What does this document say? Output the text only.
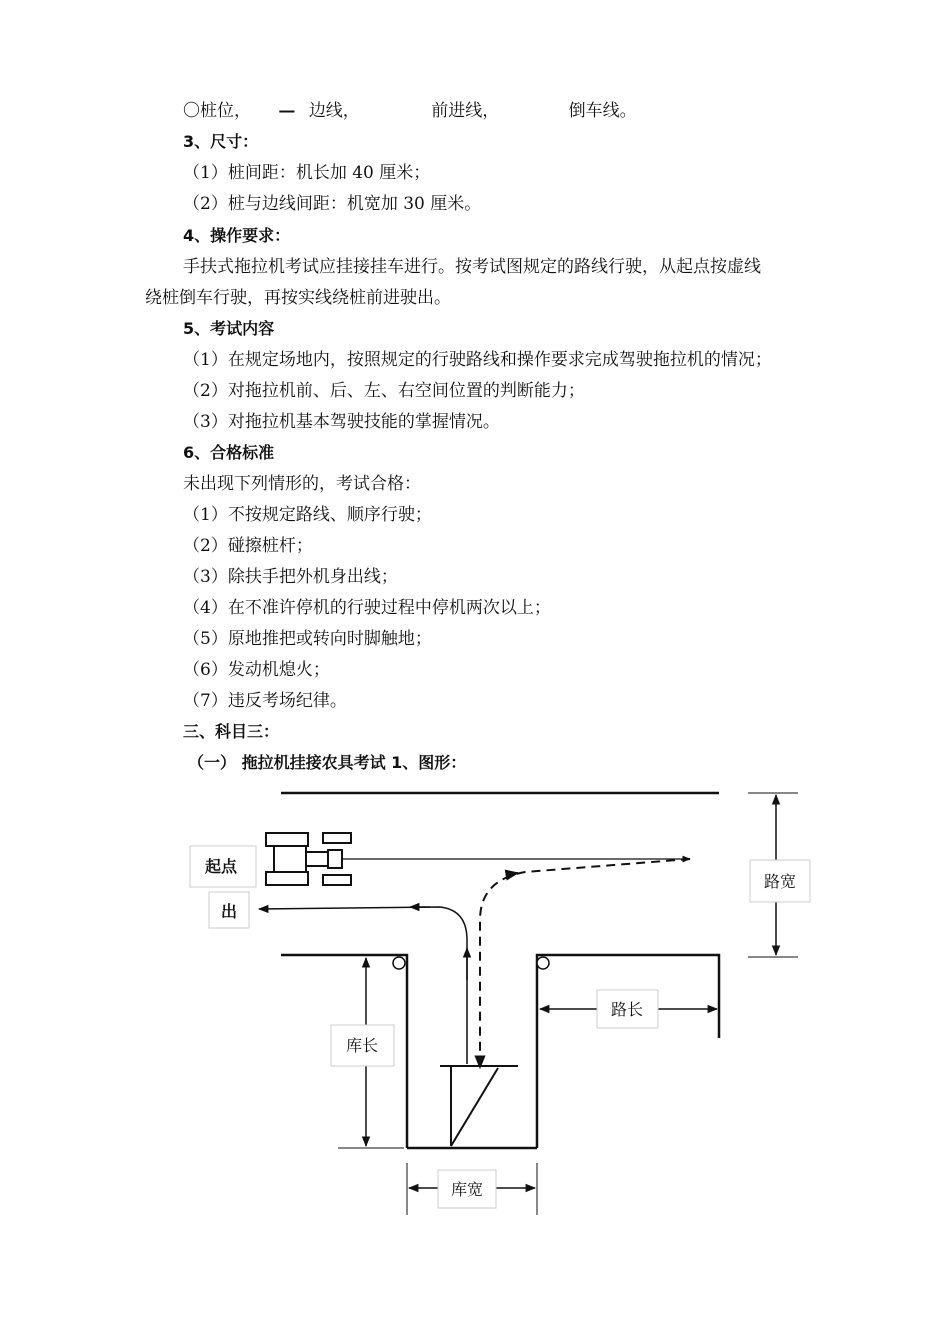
〇桩位， — 边线，	前进线，	倒车线。
3、尺寸：
（1）桩间距：机长加 40 厘米；
（2）桩与边线间距：机宽加 30 厘米。
4、操作要求：
手扶式拖拉机考试应挂接挂车进行。按考试图规定的路线行驶，从起点按虚线
绕桩倒车行驶，再按实线绕桩前进驶出。
5、考试内容
（1）在规定场地内，按照规定的行驶路线和操作要求完成驾驶拖拉机的情况；
（2）对拖拉机前、后、左、右空间位置的判断能力；
（3）对拖拉机基本驾驶技能的掌握情况。
6、合格标准
未出现下列情形的，考试合格：
（1）不按规定路线、顺序行驶；
（2）碰擦桩杆；
（3）除扶手把外机身出线；
（4）在不准许停机的行驶过程中停机两次以上；
（5）原地推把或转向时脚触地；
（6）发动机熄火；
（7）违反考场纪律。
三、科目三：
（一） 拖拉机挂接农具考试 1、图形：
路宽
路长
库长
库宽
起点
出
